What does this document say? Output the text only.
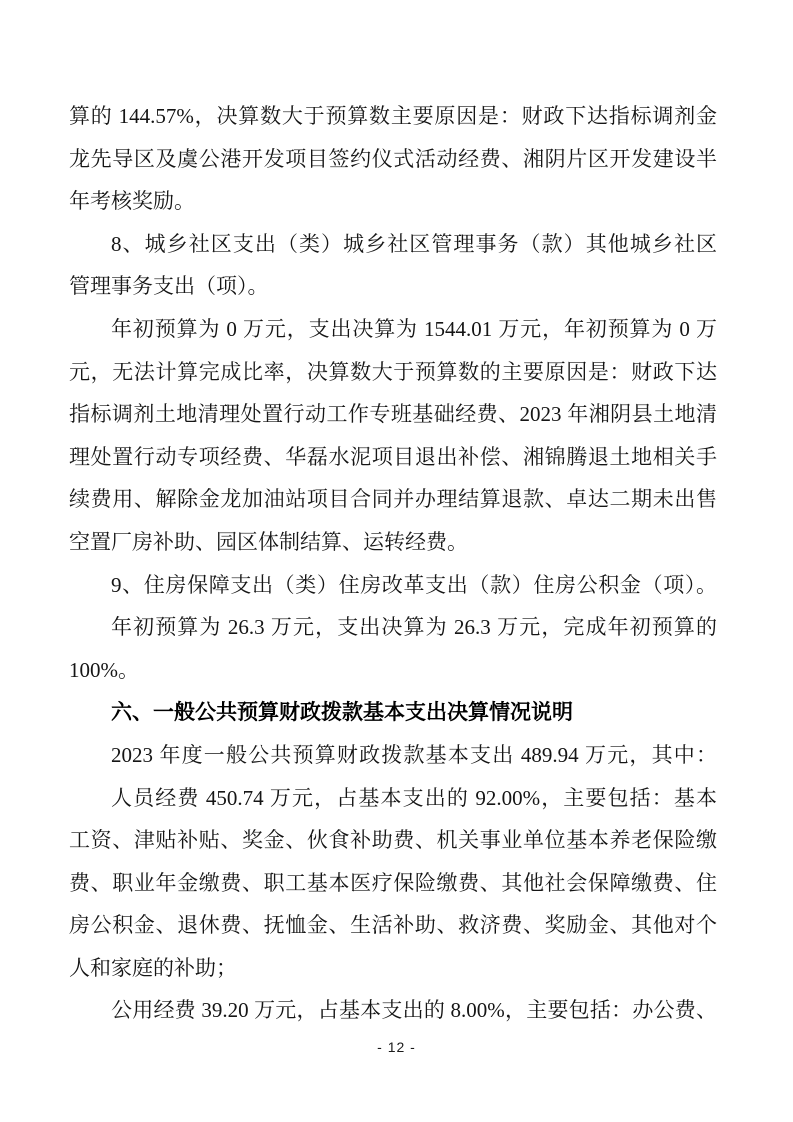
算的 144.57%，决算数大于预算数主要原因是：财政下达指标调剂金
龙先导区及虞公港开发项目签约仪式活动经费、湘阴片区开发建设半
年考核奖励。
8、城乡社区支出（类）城乡社区管理事务（款）其他城乡社区
管理事务支出（项）。
年初预算为 0 万元，支出决算为 1544.01 万元，年初预算为 0 万
元，无法计算完成比率，决算数大于预算数的主要原因是：财政下达
指标调剂土地清理处置行动工作专班基础经费、2023 年湘阴县土地清
理处置行动专项经费、华磊水泥项目退出补偿、湘锦腾退土地相关手
续费用、解除金龙加油站项目合同并办理结算退款、卓达二期未出售
空置厂房补助、园区体制结算、运转经费。
9、住房保障支出（类）住房改革支出（款）住房公积金（项）。
年初预算为 26.3 万元，支出决算为 26.3 万元，完成年初预算的
100%。
六、一般公共预算财政拨款基本支出决算情况说明
2023 年度一般公共预算财政拨款基本支出 489.94 万元，其中：
人员经费 450.74 万元，占基本支出的 92.00%，主要包括：基本
工资、津贴补贴、奖金、伙食补助费、机关事业单位基本养老保险缴
费、职业年金缴费、职工基本医疗保险缴费、其他社会保障缴费、住
房公积金、退休费、抚恤金、生活补助、救济费、奖励金、其他对个
人和家庭的补助；
公用经费 39.20 万元，占基本支出的 8.00%，主要包括：办公费、
- 12 -
